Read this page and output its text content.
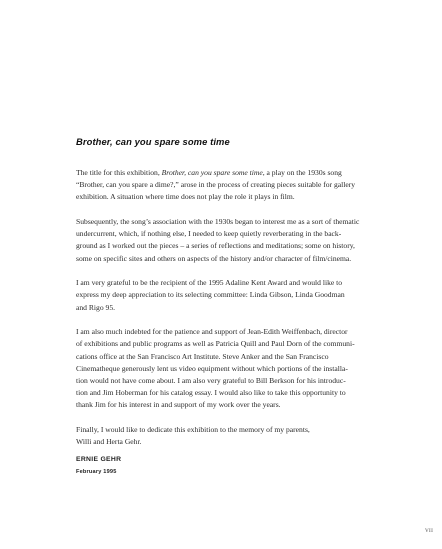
Brother, can you spare some time

The title for this exhibition, Brother, can you spare some time, a play on the 1930s song
“Brother, can you spare a dime?,” arose in the process of creating pieces suitable for gallery
exhibition. A situation where time does not play the role it plays in film.

Subsequently, the song’s association with the 1930s began to interest me as a sort of thematic
undercurrent, which, if nothing else, I needed to keep quietly reverberating in the back-
ground as I worked out the pieces – a series of reflections and meditations; some on history,
some on specific sites and others on aspects of the history and/or character of film/cinema.

I am very grateful to be the recipient of the 1995 Adaline Kent Award and would like to
express my deep appreciation to its selecting committee: Linda Gibson, Linda Goodman
and Rigo 95.

I am also much indebted for the patience and support of Jean-Edith Weiffenbach, director
of exhibitions and public programs as well as Patricia Quill and Paul Dorn of the communi-
cations office at the San Francisco Art Institute. Steve Anker and the San Francisco
Cinematheque generously lent us video equipment without which portions of the installa-
tion would not have come about. I am also very grateful to Bill Berkson for his introduc-
tion and Jim Hoberman for his catalog essay. I would also like to take this opportunity to
thank Jim for his interest in and support of my work over the years.

Finally, I would like to dedicate this exhibition to the memory of my parents,
Willi and Herta Gehr.

ERNIE GEHR
February 1995
VII
